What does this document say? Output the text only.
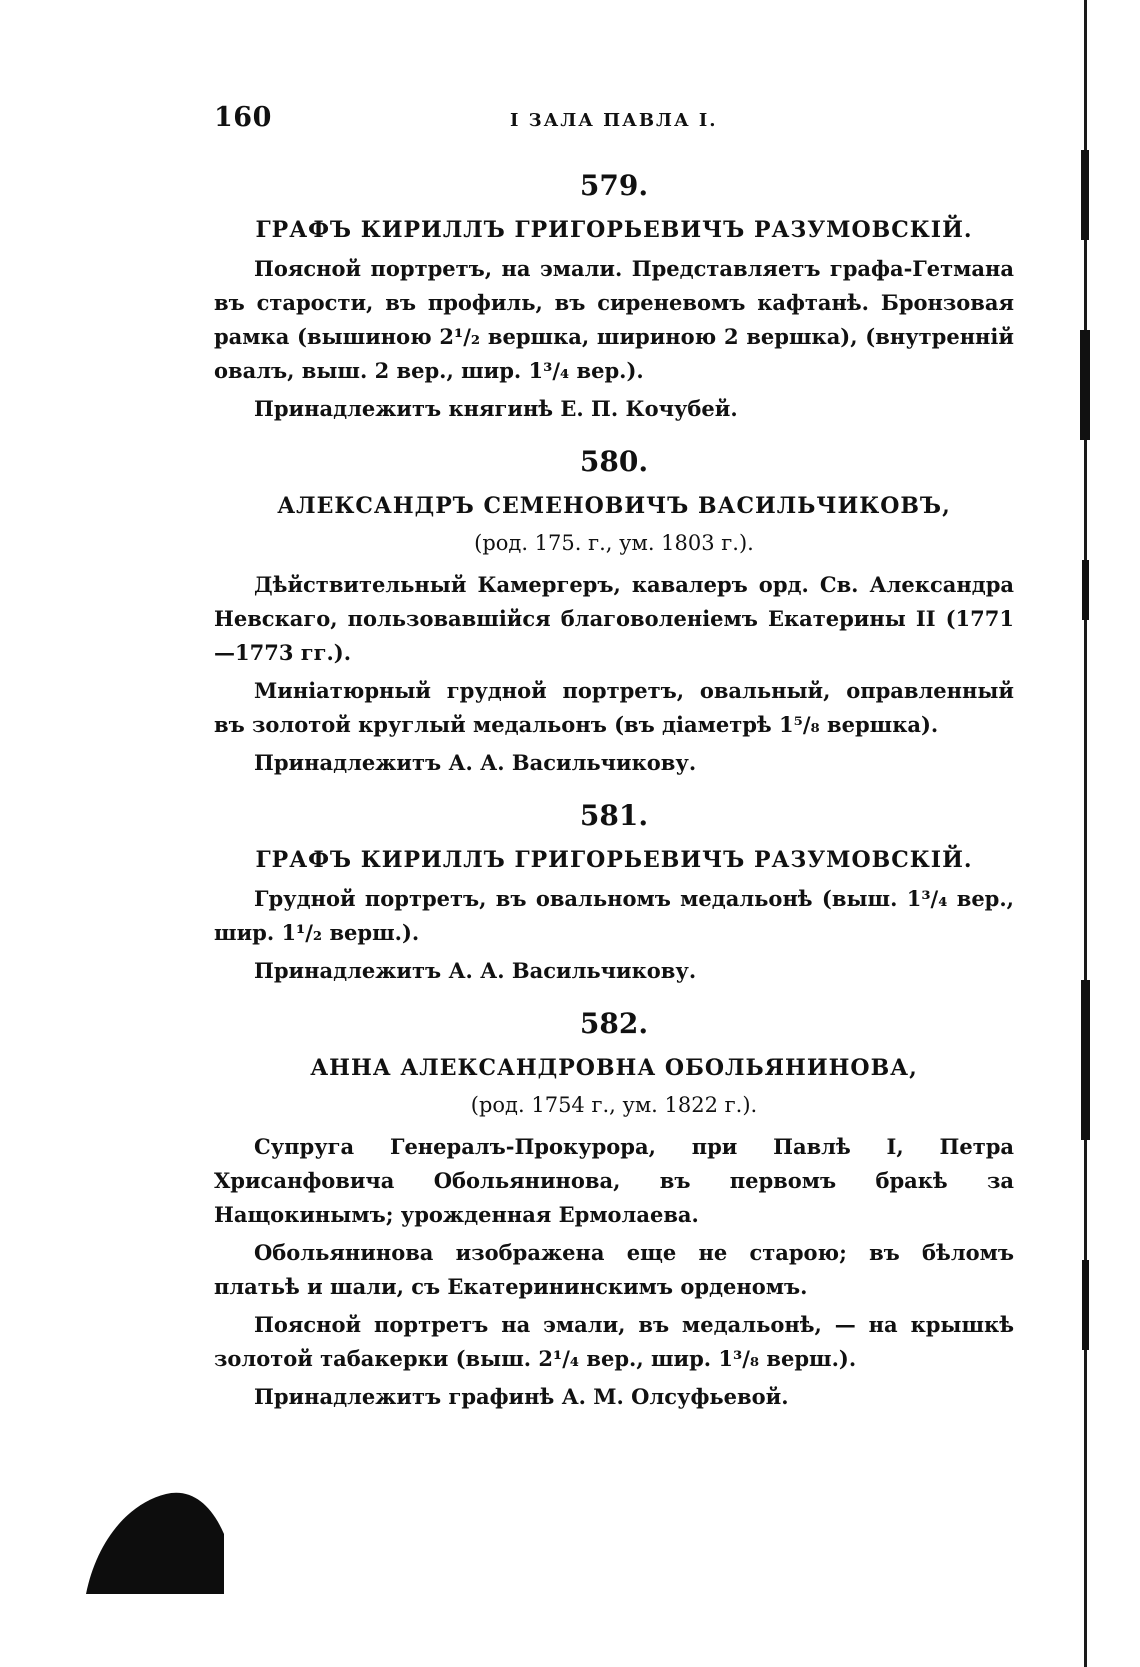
160	I ЗАЛА ПАВЛА I.
579.
ГРАФЪ КИРИЛЛЪ ГРИГОРЬЕВИЧЪ РАЗУМОВСКІЙ.

Поясной портретъ, на эмали. Представляетъ графа-Гетмана въ старости, въ профиль, въ сиреневомъ кафтанѣ. Бронзовая рамка (вышиною 2¹/₂ вершка, шириною 2 вершка), (внутренній овалъ, выш. 2 вер., шир. 1³/₄ вер.).

Принадлежитъ княгинѣ Е. П. Кочубей.

580.
АЛЕКСАНДРЪ СЕМЕНОВИЧЪ ВАСИЛЬЧИКОВЪ,
(род. 175. г., ум. 1803 г.).

Дѣйствительный Камергеръ, кавалеръ орд. Св. Александра Невскаго, пользовавшійся благоволеніемъ Екатерины II (1771—1773 гг.).

Миніатюрный грудной портретъ, овальный, оправленный въ золотой круглый медальонъ (въ діаметрѣ 1⁵/₈ вершка).

Принадлежитъ А. А. Васильчикову.

581.
ГРАФЪ КИРИЛЛЪ ГРИГОРЬЕВИЧЪ РАЗУМОВСКІЙ.

Грудной портретъ, въ овальномъ медальонѣ (выш. 1³/₄ вер., шир. 1¹/₂ верш.).

Принадлежитъ А. А. Васильчикову.

582.
АННА АЛЕКСАНДРОВНА ОБОЛЬЯНИНОВА,
(род. 1754 г., ум. 1822 г.).

Супруга Генералъ-Прокурора, при Павлѣ I, Петра Хрисанфовича Обольянинова, въ первомъ бракѣ за Нащокинымъ; урожденная Ермолаева.

Обольянинова изображена еще не старою; въ бѣломъ платьѣ и шали, съ Екатерининскимъ орденомъ.

Поясной портретъ на эмали, въ медальонѣ, — на крышкѣ золотой табакерки (выш. 2¹/₄ вер., шир. 1³/₈ верш.).

Принадлежитъ графинѣ А. М. Олсуфьевой.
